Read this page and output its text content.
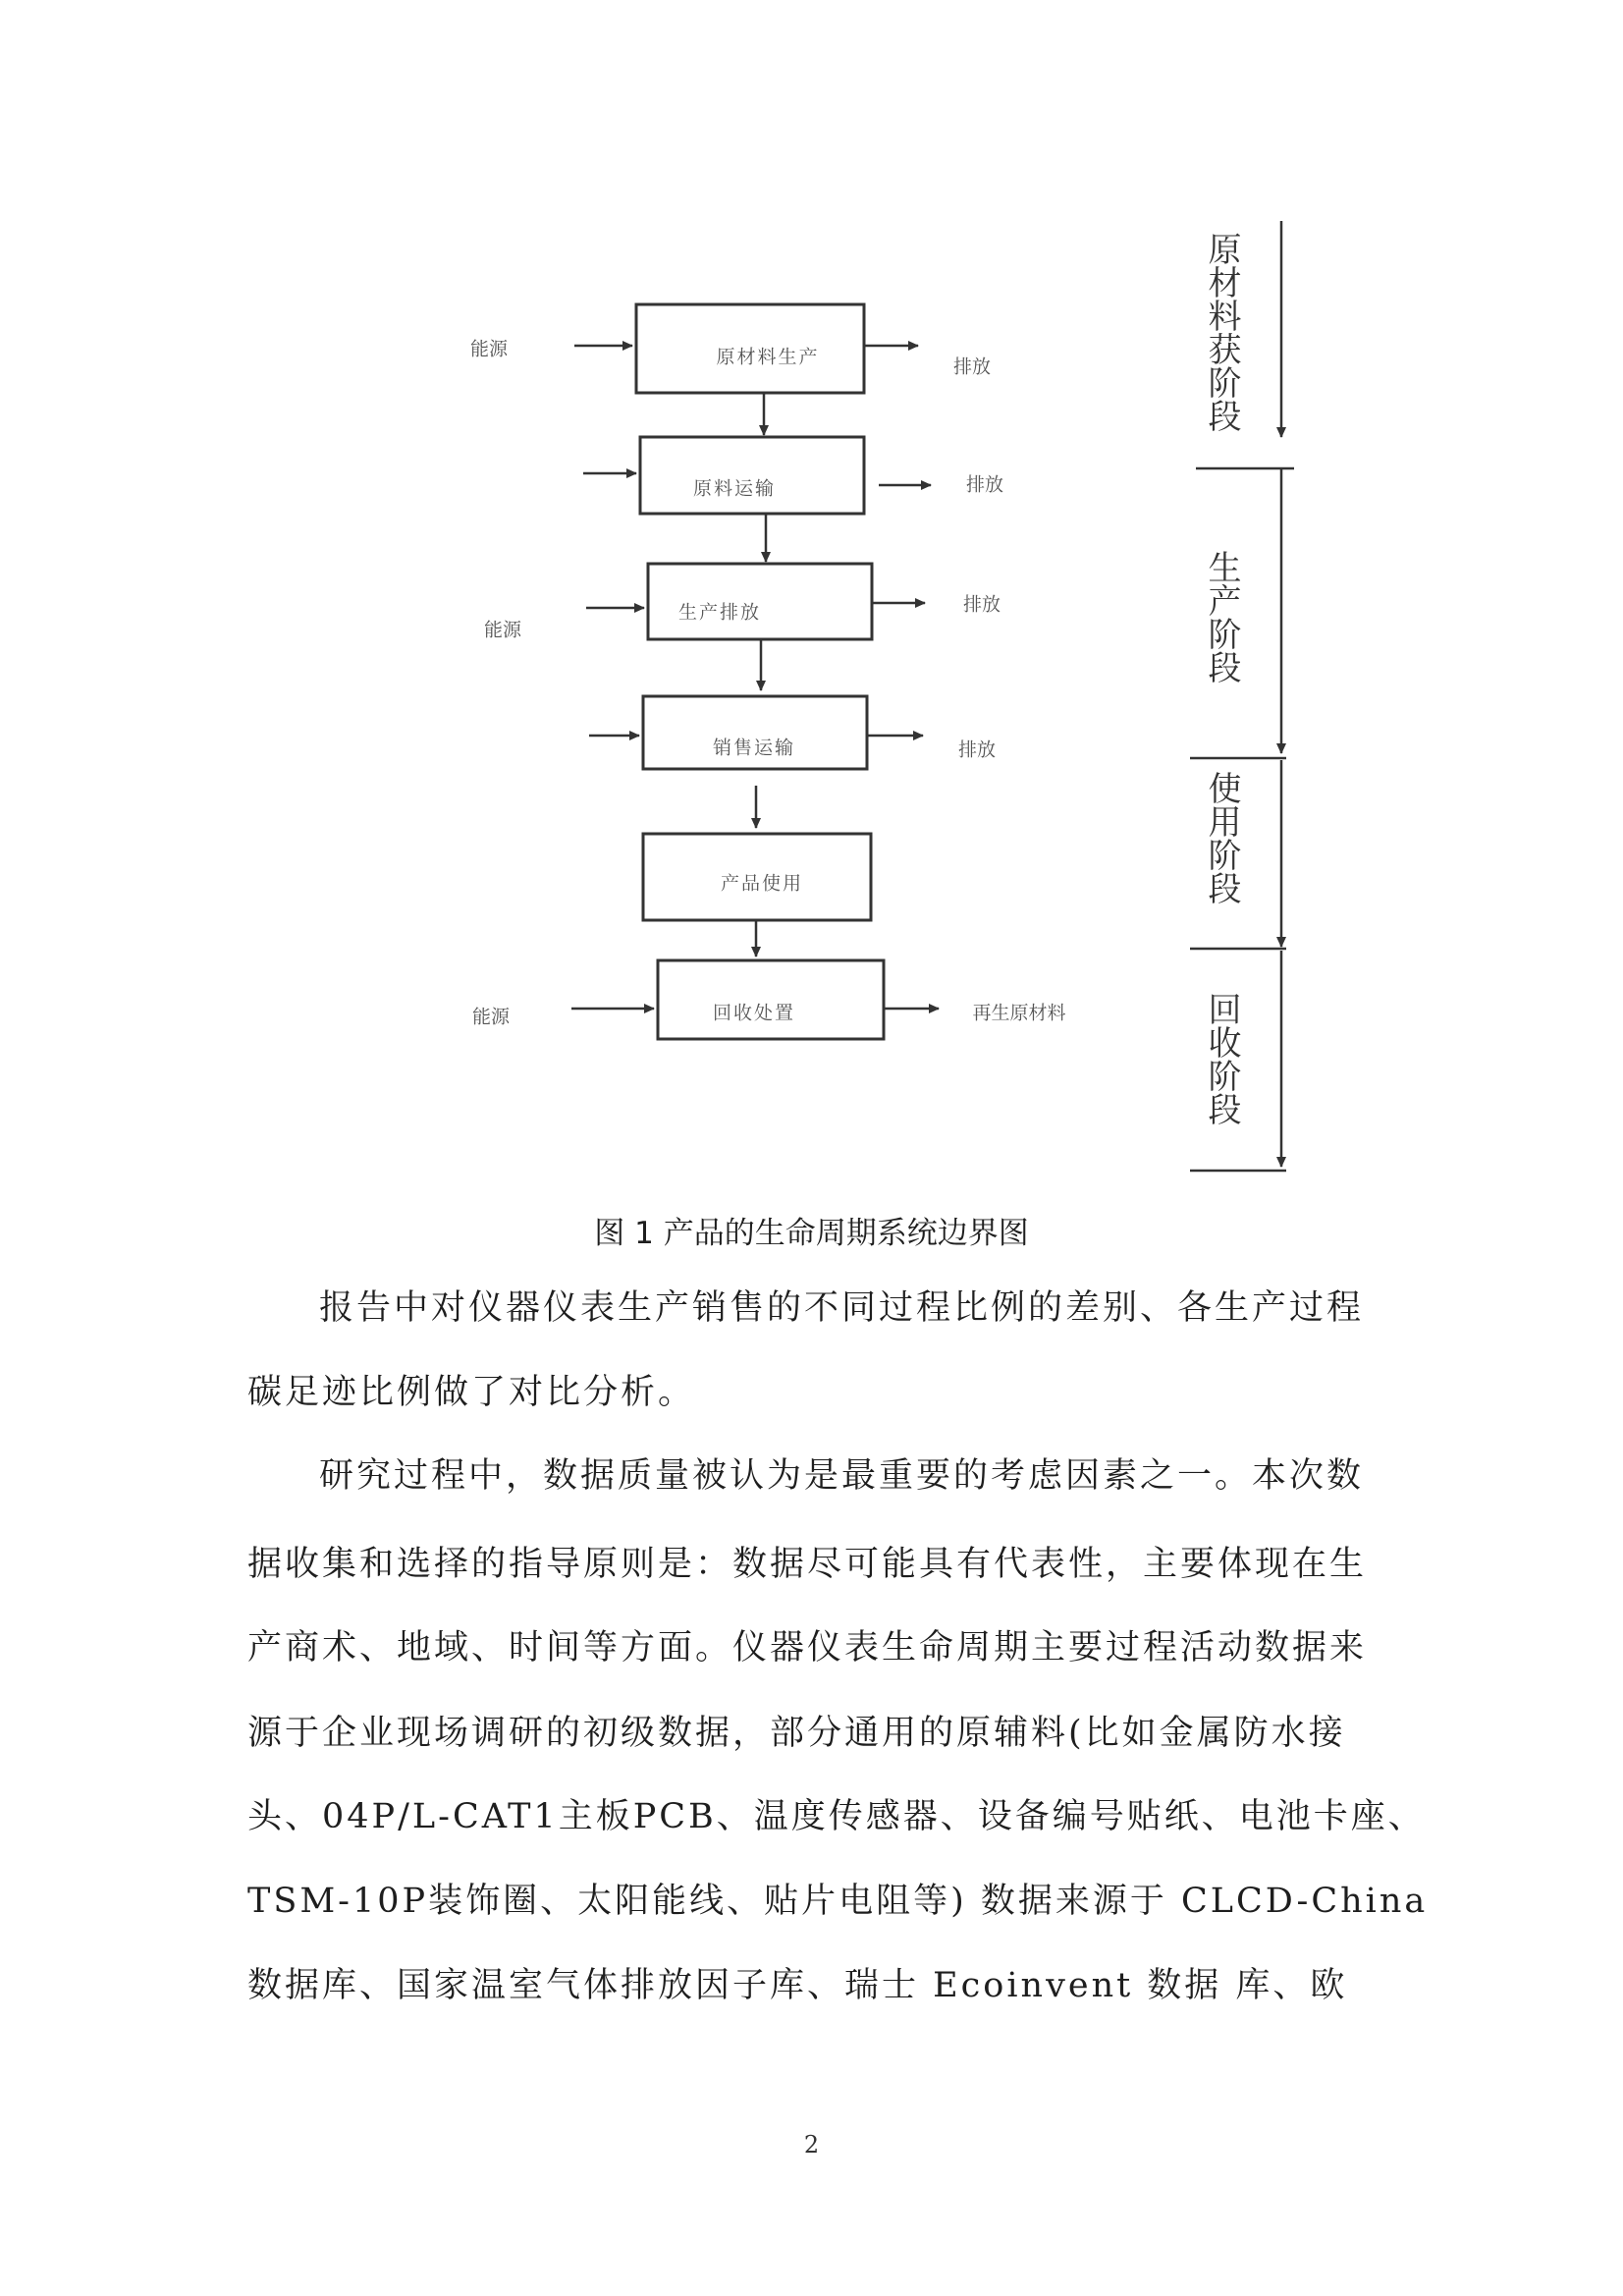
原材料生产
原料运输
生产排放
销售运输
产品使用
回收处置
能源
能源
能源
排放
排放
排放
排放
再生原材料
原材料获阶段
生产阶段
使用阶段
回收阶段
图 1 产品的生命周期系统边界图
报告中对仪器仪表生产销售的不同过程比例的差别、各生产过程
碳足迹比例做了对比分析。
研究过程中，数据质量被认为是最重要的考虑因素之一。本次数
据收集和选择的指导原则是：数据尽可能具有代表性，主要体现在生
产商术、地域、时间等方面。仪器仪表生命周期主要过程活动数据来
源于企业现场调研的初级数据，部分通用的原辅料(比如金属防水接
头、04P/L-CAT1主板PCB、温度传感器、设备编号贴纸、电池卡座、
TSM-10P装饰圈、太阳能线、贴片电阻等) 数据来源于 CLCD-China
数据库、国家温室气体排放因子库、瑞士 Ecoinvent 数据 库、欧
2
